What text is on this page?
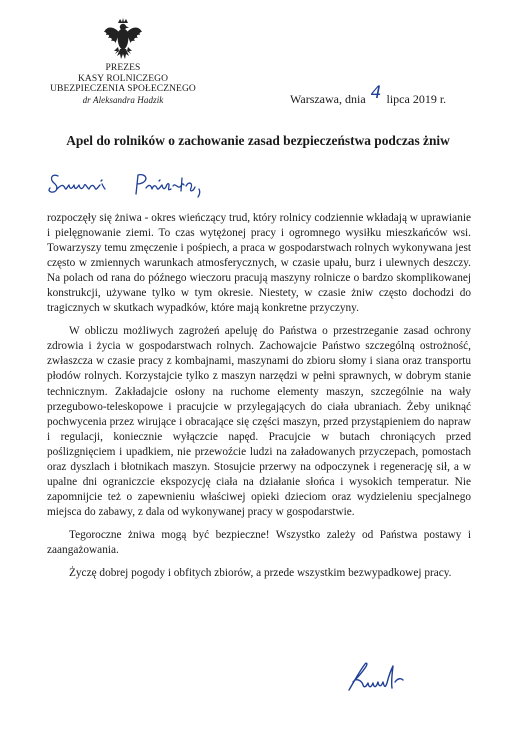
PREZES
KASY ROLNICZEGO
UBEZPIECZENIA SPOŁECZNEGO
dr Aleksandra Hadzik	Warszawa, dnia 4 lipca 2019 r.
Apel do rolników o zachowanie zasad bezpieczeństwa podczas żniw

rozpoczęły się żniwa - okres wieńczący trud, który rolnicy codziennie wkładają w uprawianie i pielęgnowanie ziemi. To czas wytężonej pracy i ogromnego wysiłku mieszkańców wsi. Towarzyszy temu zmęczenie i pośpiech, a praca w gospodarstwach rolnych wykonywana jest często w zmiennych warunkach atmosferycznych, w czasie upału, burz i ulewnych deszczy. Na polach od rana do późnego wieczoru pracują maszyny rolnicze o bardzo skomplikowanej konstrukcji, używane tylko w tym okresie. Niestety, w czasie żniw często dochodzi do tragicznych w skutkach wypadków, które mają konkretne przyczyny.

W obliczu możliwych zagrożeń apeluję do Państwa o przestrzeganie zasad ochrony zdrowia i życia w gospodarstwach rolnych. Zachowajcie Państwo szczególną ostrożność, zwłaszcza w czasie pracy z kombajnami, maszynami do zbioru słomy i siana oraz transportu płodów rolnych. Korzystajcie tylko z maszyn narzędzi w pełni sprawnych, w dobrym stanie technicznym. Zakładajcie osłony na ruchome elementy maszyn, szczególnie na wały przegubowo-teleskopowe i pracujcie w przylegających do ciała ubraniach. Żeby uniknąć pochwycenia przez wirujące i obracające się części maszyn, przed przystąpieniem do napraw i regulacji, koniecznie wyłączcie napęd. Pracujcie w butach chroniących przed poślizgnięciem i upadkiem, nie przewoźcie ludzi na załadowanych przyczepach, pomostach oraz dyszlach i błotnikach maszyn. Stosujcie przerwy na odpoczynek i regenerację sił, a w upalne dni ograniczcie ekspozycję ciała na działanie słońca i wysokich temperatur. Nie zapomnijcie też o zapewnieniu właściwej opieki dzieciom oraz wydzieleniu specjalnego miejsca do zabawy, z dala od wykonywanej pracy w gospodarstwie.

Tegoroczne żniwa mogą być bezpieczne! Wszystko zależy od Państwa postawy i zaangażowania.

Życzę dobrej pogody i obfitych zbiorów, a przede wszystkim bezwypadkowej pracy.
